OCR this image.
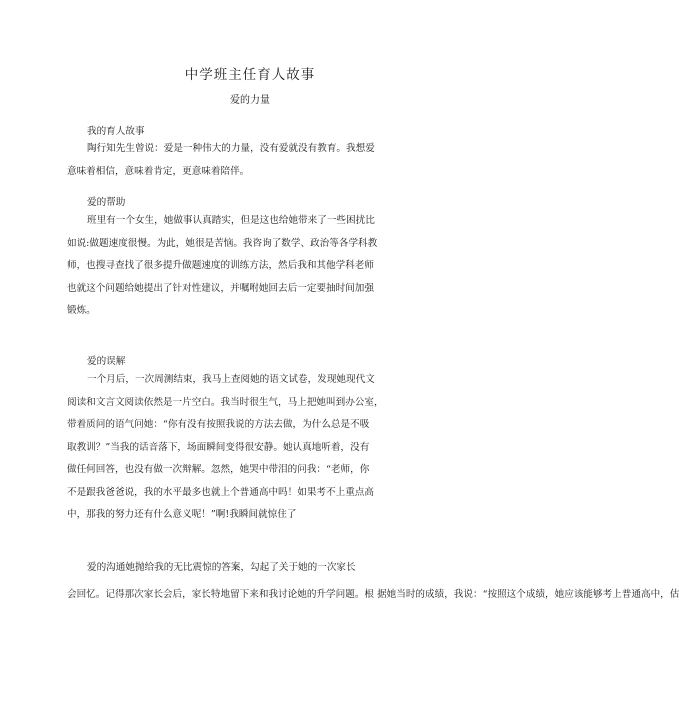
中学班主任育人故事
爱的力量
我的育人故事
陶行知先生曾说：爱是一种伟大的力量，没有爱就没有教育。我想爱
意味着相信，意味着肯定，更意味着陪伴。
爱的帮助
班里有一个女生，她做事认真踏实，但是这也给她带来了一些困扰比
如说:做题速度很慢。为此，她很是苦恼。我咨询了数学、政治等各学科教
师，也搜寻查找了很多提升做题速度的训练方法，然后我和其他学科老师
也就这个问题给她提出了针对性建议，并嘱咐她回去后一定要抽时间加强
锻炼。
爱的误解
一个月后，一次周测结束，我马上查阅她的语文试卷，发现她现代文
阅读和文言文阅读依然是一片空白。我当时很生气，马上把她叫到办公室，
带着质问的语气问她：“你有没有按照我说的方法去做，为什么总是不吸
取教训？”当我的话音落下，场面瞬间变得很安静。她认真地听着，没有
做任何回答，也没有做一次辩解。忽然，她哭中带泪的问我：“老师，你
不是跟我爸爸说，我的水平最多也就上个普通高中吗！如果考不上重点高
中，那我的努力还有什么意义呢！”啊!我瞬间就惊住了
爱的沟通她抛给我的无比震惊的答案，勾起了关于她的一次家长
会回忆。记得那次家长会后，家长特地留下来和我讨论她的升学问题。根 据她当时的成绩，我说：“按照这个成绩，她应该能够考上普通高中，估
